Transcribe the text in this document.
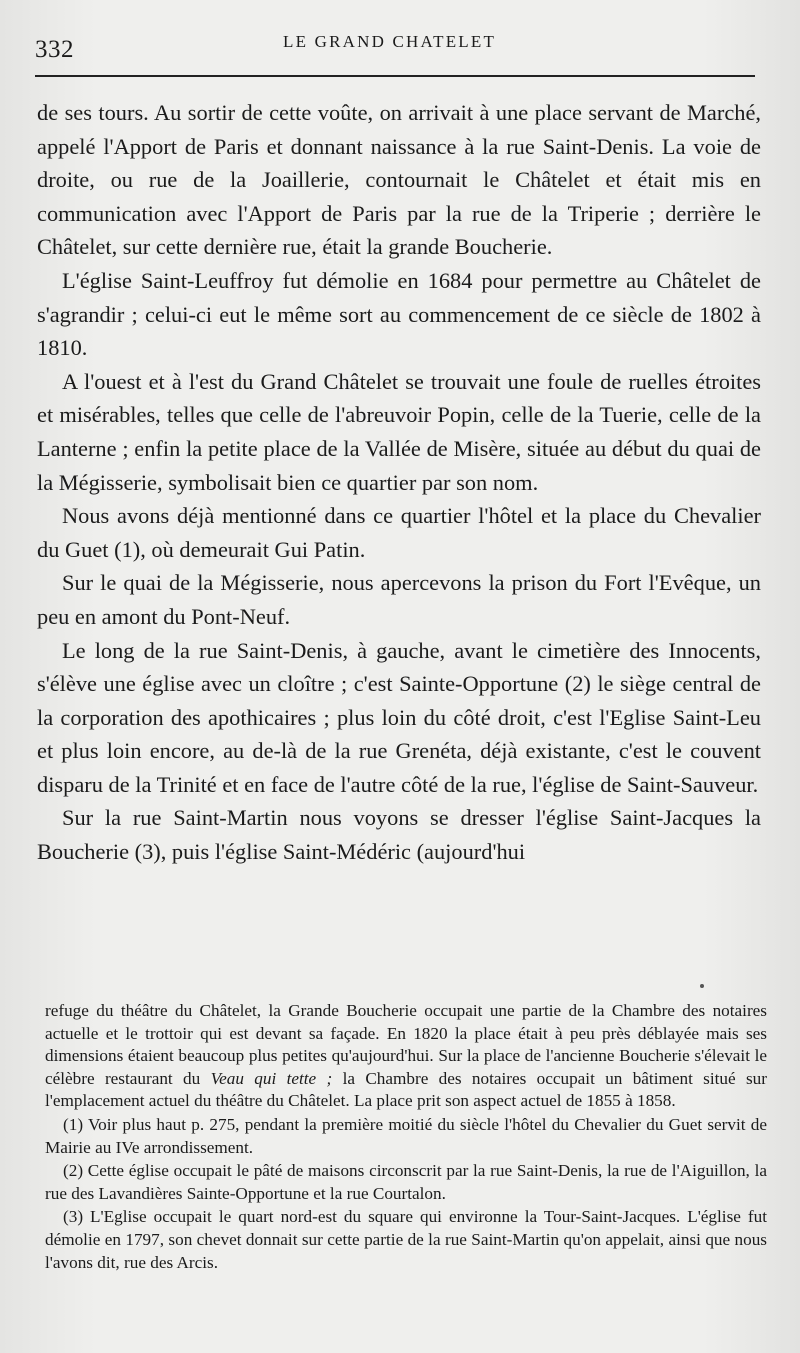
332	LE GRAND CHATELET

de ses tours. Au sortir de cette voûte, on arrivait à une place servant de Marché, appelé l'Apport de Paris et donnant naissance à la rue Saint-Denis. La voie de droite, ou rue de la Joaillerie, contournait le Châtelet et était mis en communication avec l'Apport de Paris par la rue de la Triperie ; derrière le Châtelet, sur cette dernière rue, était la grande Boucherie.

L'église Saint-Leuffroy fut démolie en 1684 pour permettre au Châtelet de s'agrandir ; celui-ci eut le même sort au commencement de ce siècle de 1802 à 1810.

A l'ouest et à l'est du Grand Châtelet se trouvait une foule de ruelles étroites et misérables, telles que celle de l'abreuvoir Popin, celle de la Tuerie, celle de la Lanterne ; enfin la petite place de la Vallée de Misère, située au début du quai de la Mégisserie, symbolisait bien ce quartier par son nom.

Nous avons déjà mentionné dans ce quartier l'hôtel et la place du Chevalier du Guet (1), où demeurait Gui Patin.

Sur le quai de la Mégisserie, nous apercevons la prison du Fort l'Evêque, un peu en amont du Pont-Neuf.

Le long de la rue Saint-Denis, à gauche, avant le cimetière des Innocents, s'élève une église avec un cloître ; c'est Sainte-Opportune (2) le siège central de la corporation des apothicaires ; plus loin du côté droit, c'est l'Eglise Saint-Leu et plus loin encore, au de-là de la rue Grenéta, déjà existante, c'est le couvent disparu de la Trinité et en face de l'autre côté de la rue, l'église de Saint-Sauveur.

Sur la rue Saint-Martin nous voyons se dresser l'église Saint-Jacques la Boucherie (3), puis l'église Saint-Médéric (aujourd'hui

refuge du théâtre du Châtelet, la Grande Boucherie occupait une partie de la Chambre des notaires actuelle et le trottoir qui est devant sa façade. En 1820 la place était à peu près déblayée mais ses dimensions étaient beaucoup plus petites qu'aujourd'hui. Sur la place de l'ancienne Boucherie s'élevait le célèbre restaurant du Veau qui tette ; la Chambre des notaires occupait un bâtiment situé sur l'emplacement actuel du théâtre du Châtelet. La place prit son aspect actuel de 1855 à 1858.

(1) Voir plus haut p. 275, pendant la première moitié du siècle l'hôtel du Chevalier du Guet servit de Mairie au IVe arrondissement.

(2) Cette église occupait le pâté de maisons circonscrit par la rue Saint-Denis, la rue de l'Aiguillon, la rue des Lavandières Sainte-Opportune et la rue Courtalon.

(3) L'Eglise occupait le quart nord-est du square qui environne la Tour-Saint-Jacques. L'église fut démolie en 1797, son chevet donnait sur cette partie de la rue Saint-Martin qu'on appelait, ainsi que nous l'avons dit, rue des Arcis.
